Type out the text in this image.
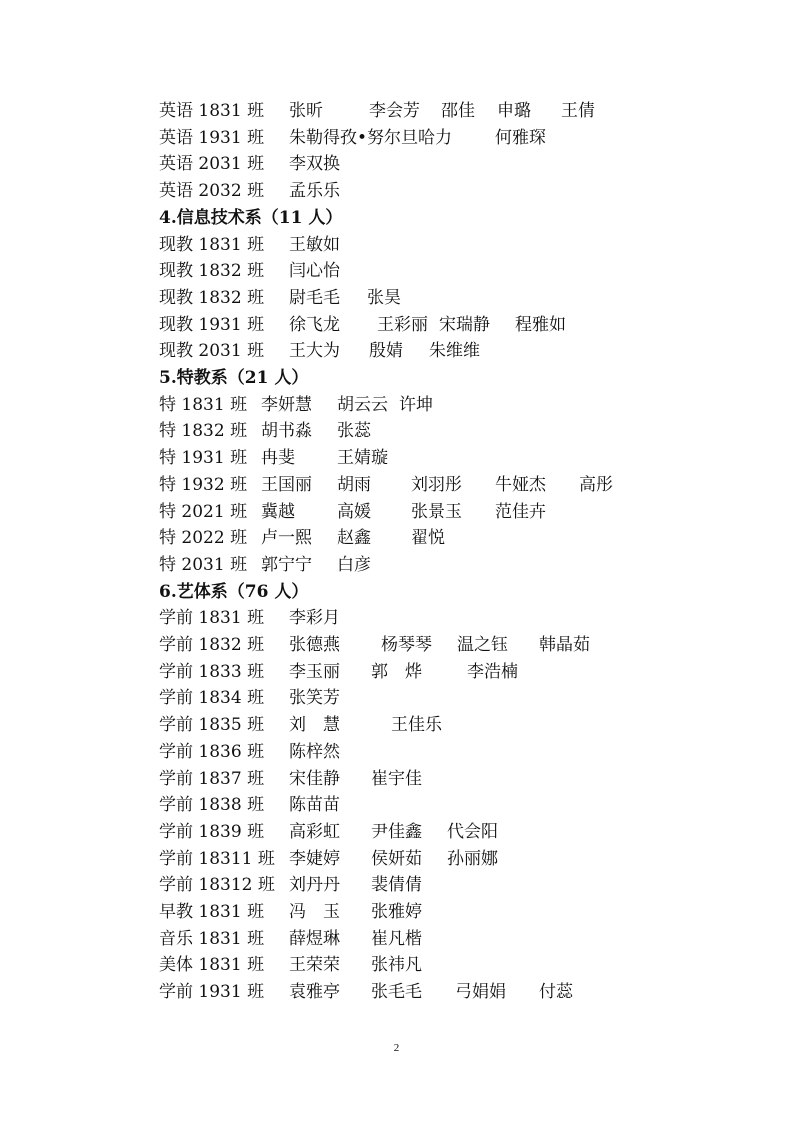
英语 1831 班 张昕	李会芳 邵佳 申璐 王倩
英语 1931 班 朱勒得孜•努尔旦哈力	何雅琛
英语 2031 班 李双换
英语 2032 班 孟乐乐
4.信息技术系（11 人）
现教 1831 班 王敏如
现教 1832 班 闫心怡
现教 1832 班 尉毛毛 张昊
现教 1931 班 徐飞龙 王彩丽 宋瑞静 程雅如
现教 2031 班 王大为 殷婧 朱维维
5.特教系（21 人）
特 1831 班 李妍慧 胡云云 许坤
特 1832 班 胡书淼 张蕊
特 1931 班 冉斐 王婧璇
特 1932 班 王国丽 胡雨 刘羽彤 牛娅杰 高彤
特 2021 班 冀越 高媛 张景玉 范佳卉
特 2022 班 卢一熙 赵鑫 翟悦
特 2031 班 郭宁宁 白彦
6.艺体系（76 人）
学前 1831 班 李彩月
学前 1832 班 张德燕 杨琴琴 温之钰 韩晶茹
学前 1833 班 李玉丽 郭　烨	李浩楠
学前 1834 班 张笑芳
学前 1835 班 刘　慧	王佳乐
学前 1836 班 陈梓然
学前 1837 班 宋佳静 崔宇佳
学前 1838 班 陈苗苗
学前 1839 班 高彩虹 尹佳鑫 代会阳
学前 18311 班 李婕婷 侯妍茹 孙丽娜
学前 18312 班 刘丹丹 裴倩倩
早教 1831 班 冯　玉 张雅婷
音乐 1831 班 薛煜琳 崔凡楷
美体 1831 班 王荣荣 张祎凡
学前 1931 班 袁雅亭 张毛毛 弓娟娟 付蕊
2
